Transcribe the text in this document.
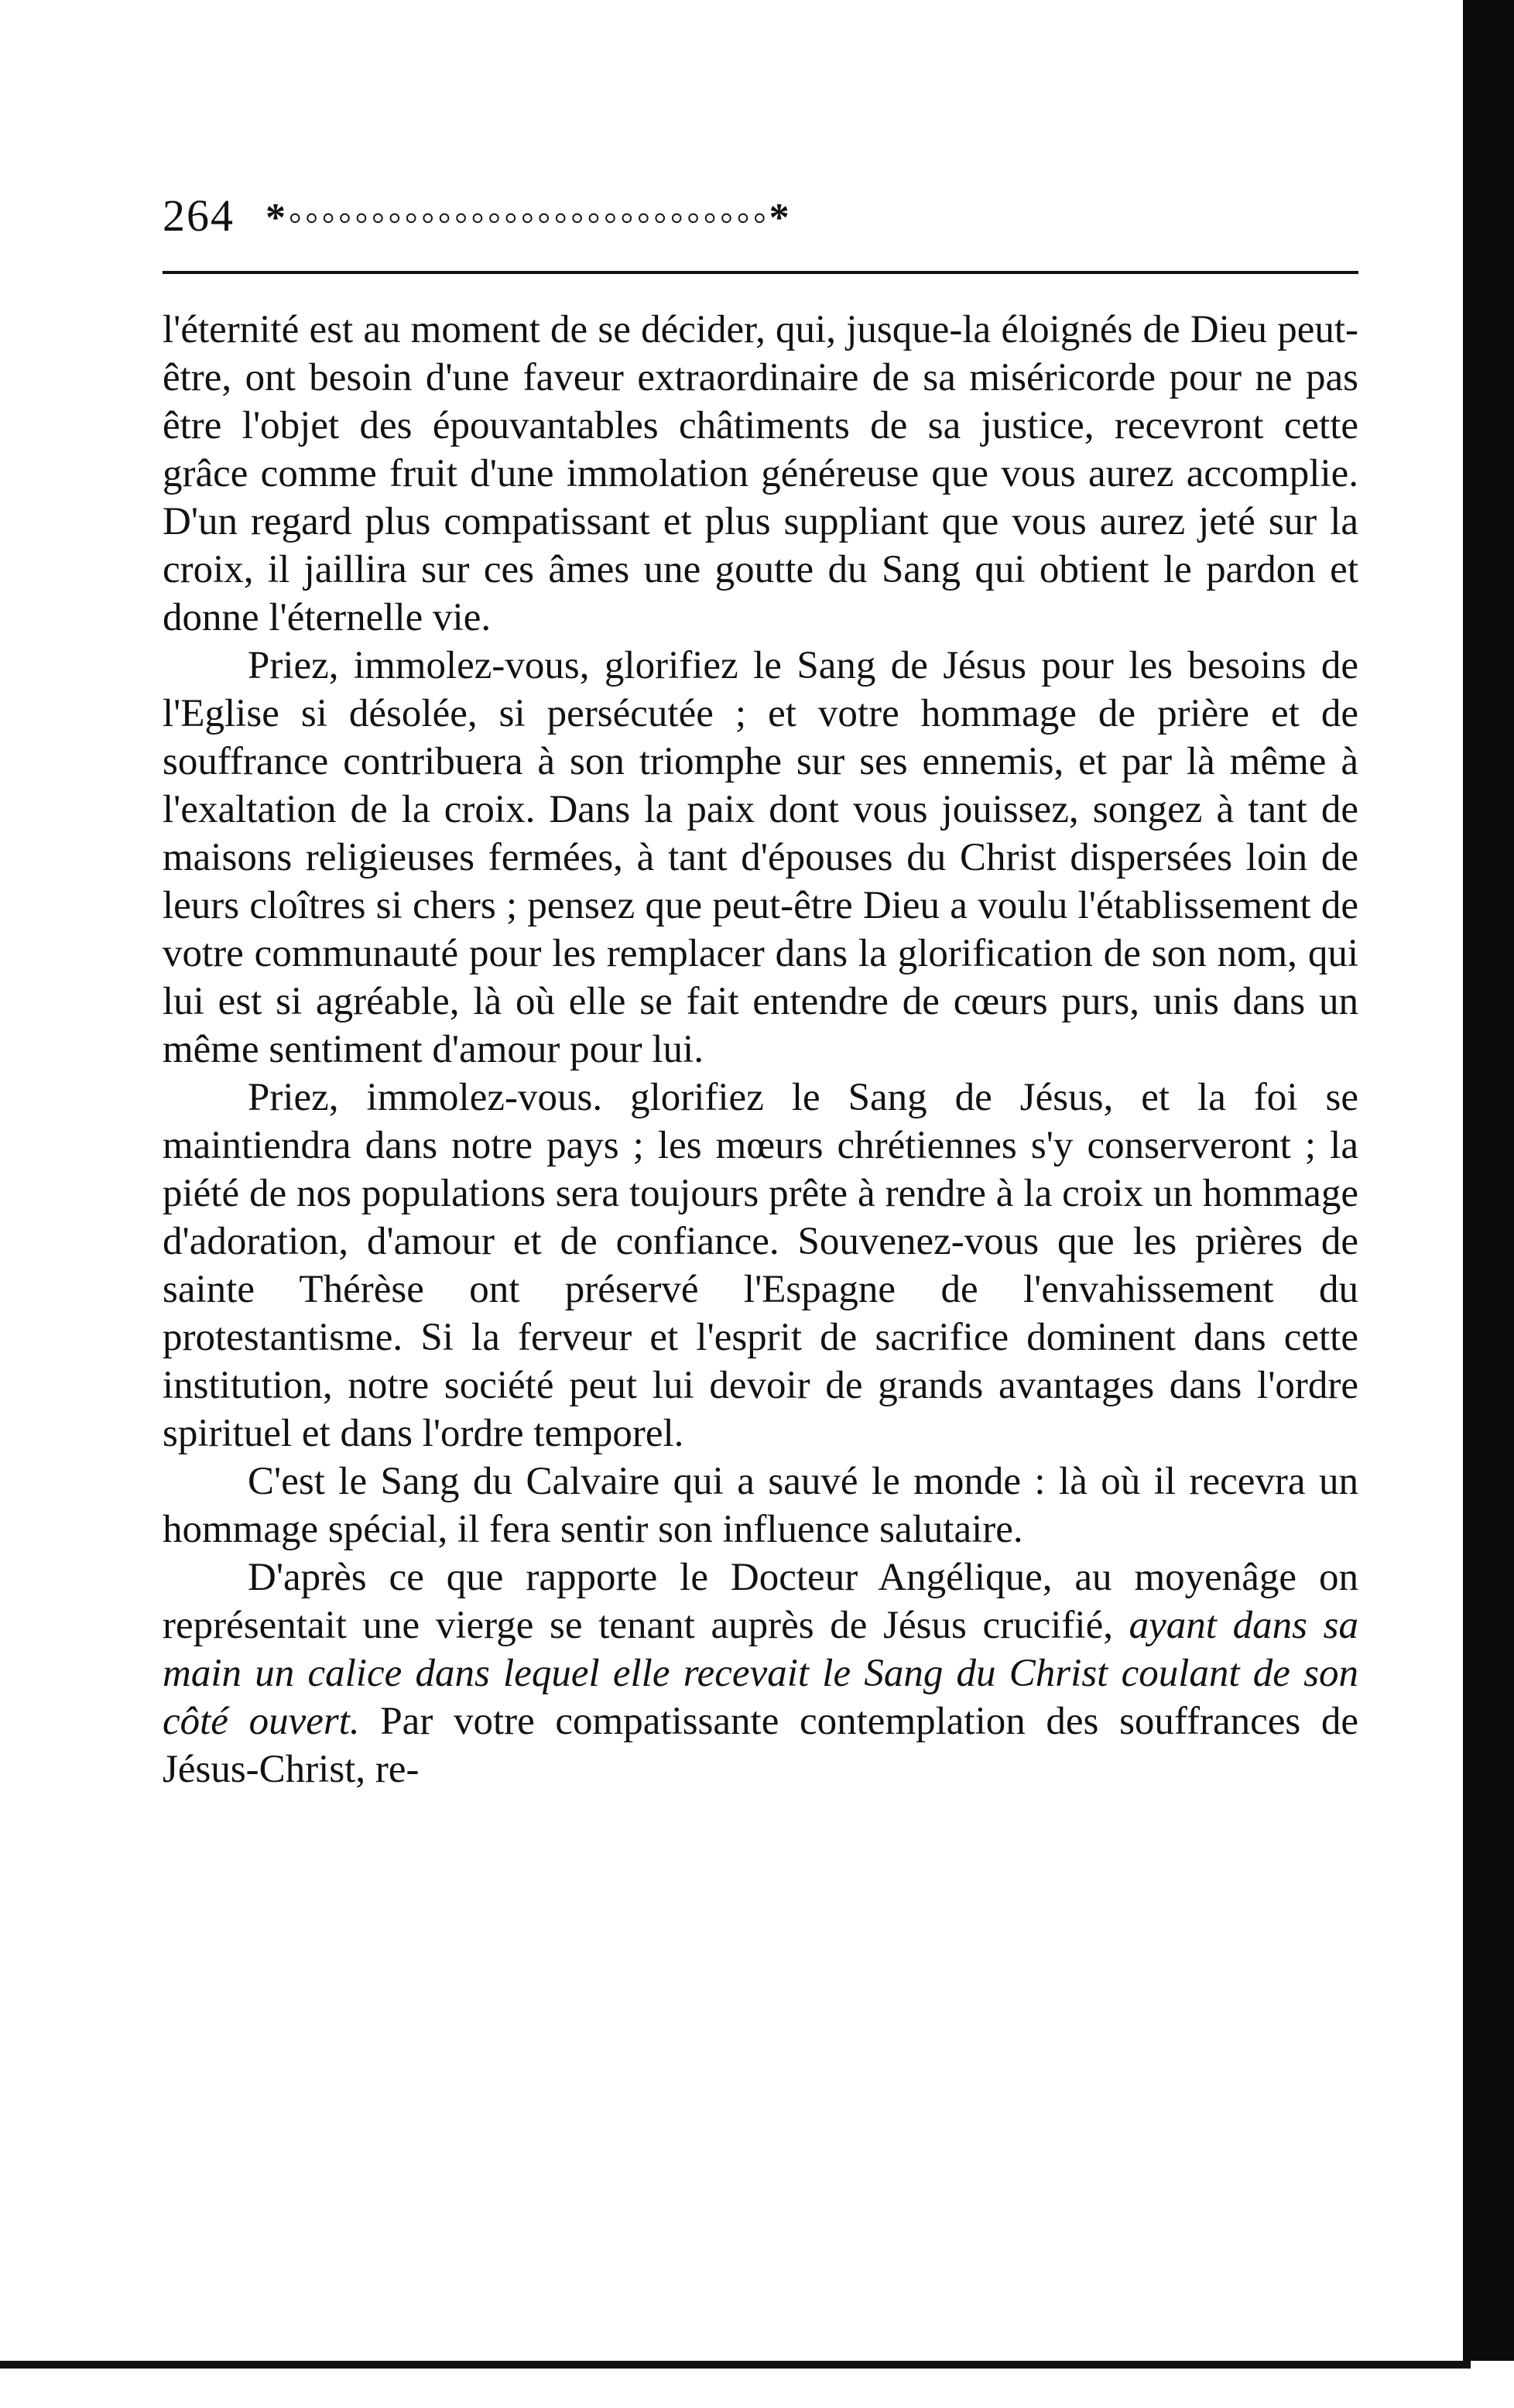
264 *◦◦◦◦◦◦◦◦◦◦◦◦◦◦◦◦◦◦◦◦◦◦◦◦◦◦◦◦◦*

l'éternité est au moment de se décider, qui, jusque-la éloignés de Dieu peut-être, ont besoin d'une faveur extraordinaire de sa miséricorde pour ne pas être l'objet des épouvantables châtiments de sa justice, recevront cette grâce comme fruit d'une immolation généreuse que vous aurez accomplie. D'un regard plus compatissant et plus suppliant que vous aurez jeté sur la croix, il jaillira sur ces âmes une goutte du Sang qui obtient le pardon et donne l'éternelle vie.

Priez, immolez-vous, glorifiez le Sang de Jésus pour les besoins de l'Eglise si désolée, si persécutée ; et votre hommage de prière et de souffrance contribuera à son triomphe sur ses ennemis, et par là même à l'exaltation de la croix. Dans la paix dont vous jouissez, songez à tant de maisons religieuses fermées, à tant d'épouses du Christ dispersées loin de leurs cloîtres si chers ; pensez que peut-être Dieu a voulu l'établissement de votre communauté pour les remplacer dans la glorification de son nom, qui lui est si agréable, là où elle se fait entendre de cœurs purs, unis dans un même sentiment d'amour pour lui.

Priez, immolez-vous. glorifiez le Sang de Jésus, et la foi se maintiendra dans notre pays ; les mœurs chrétiennes s'y conserveront ; la piété de nos populations sera toujours prête à rendre à la croix un hommage d'adoration, d'amour et de confiance. Souvenez-vous que les prières de sainte Thérèse ont préservé l'Espagne de l'envahissement du protestantisme. Si la ferveur et l'esprit de sacrifice dominent dans cette institution, notre société peut lui devoir de grands avantages dans l'ordre spirituel et dans l'ordre temporel.

C'est le Sang du Calvaire qui a sauvé le monde : là où il recevra un hommage spécial, il fera sentir son influence salutaire.

D'après ce que rapporte le Docteur Angélique, au moyenâge on représentait une vierge se tenant auprès de Jésus crucifié, ayant dans sa main un calice dans lequel elle recevait le Sang du Christ coulant de son côté ouvert. Par votre compatissante contemplation des souffrances de Jésus-Christ, re-
